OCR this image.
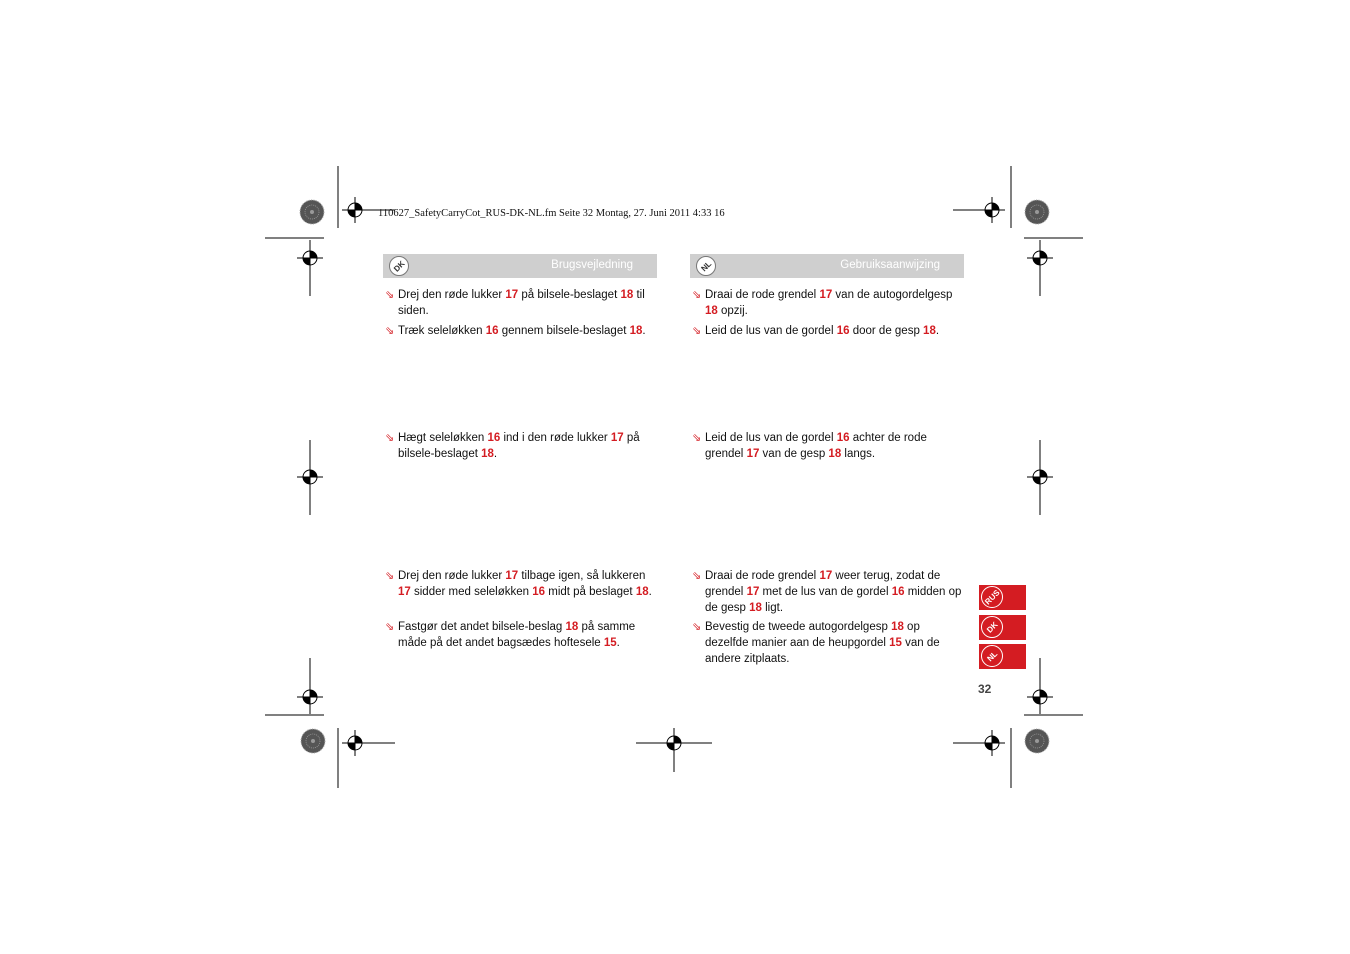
110627_SafetyCarryCot_RUS-DK-NL.fm Seite 32 Montag, 27. Juni 2011 4:33 16
DK	Brugsvejledning	NL	Gebruiksaanwijzing
⇘ Drej den røde lukker 17 på bilsele-beslaget 18 til siden.
⇘ Træk seleløkken 16 gennem bilsele-beslaget 18.
⇘ Hægt seleløkken 16 ind i den røde lukker 17 på bilsele-beslaget 18.
⇘ Drej den røde lukker 17 tilbage igen, så lukkeren 17 sidder med seleløkken 16 midt på beslaget 18.
⇘ Fastgør det andet bilsele-beslag 18 på samme måde på det andet bagsædes hoftesele 15.
⇘ Draai de rode grendel 17 van de autogordelgesp 18 opzij.
⇘ Leid de lus van de gordel 16 door de gesp 18.
⇘ Leid de lus van de gordel 16 achter de rode grendel 17 van de gesp 18 langs.
⇘ Draai de rode grendel 17 weer terug, zodat de grendel 17 met de lus van de gordel 16 midden op de gesp 18 ligt.
⇘ Bevestig de tweede autogordelgesp 18 op dezelfde manier aan de heupgordel 15 van de andere zitplaats.
RUS
DK
NL
32
